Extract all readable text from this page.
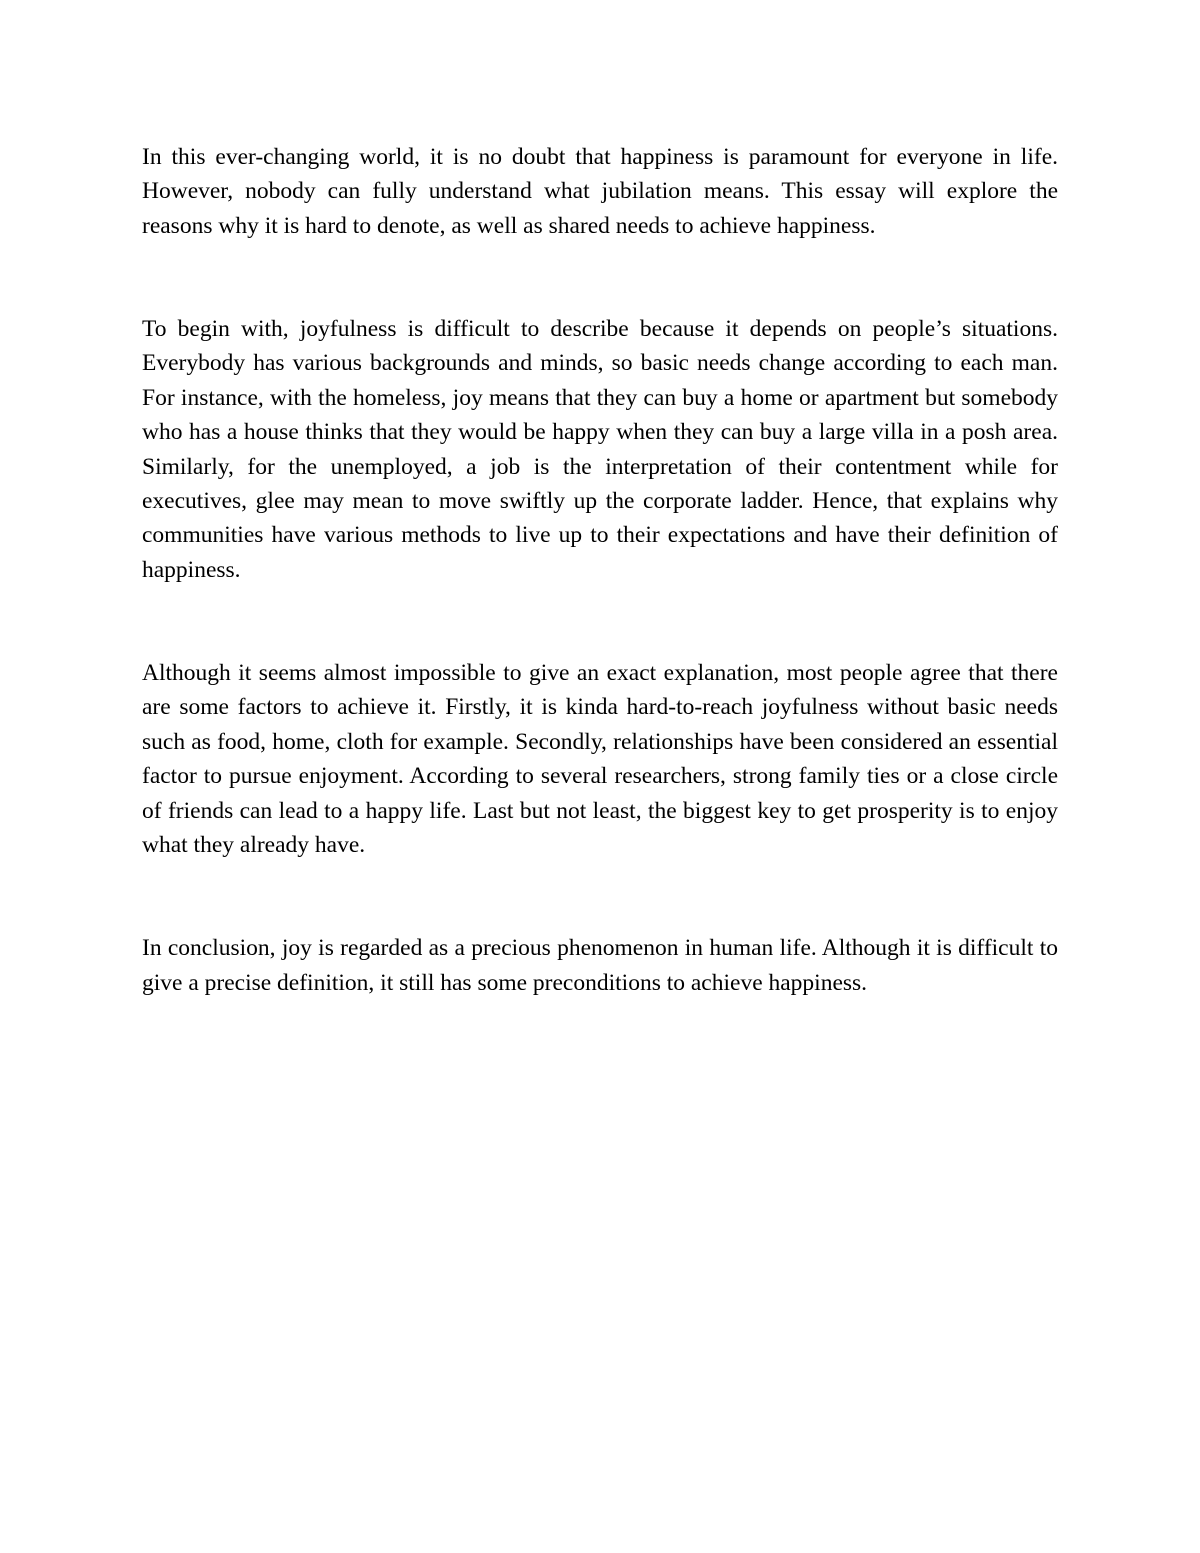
In this ever-changing world, it is no doubt that happiness is paramount for everyone in life. However, nobody can fully understand what jubilation means. This essay will explore the reasons why it is hard to denote, as well as shared needs to achieve happiness.

To begin with, joyfulness is difficult to describe because it depends on people’s situations. Everybody has various backgrounds and minds, so basic needs change according to each man. For instance, with the homeless, joy means that they can buy a home or apartment but somebody who has a house thinks that they would be happy when they can buy a large villa in a posh area. Similarly, for the unemployed, a job is the interpretation of their contentment while for executives, glee may mean to move swiftly up the corporate ladder. Hence, that explains why communities have various methods to live up to their expectations and have their definition of happiness.

Although it seems almost impossible to give an exact explanation, most people agree that there are some factors to achieve it. Firstly, it is kinda hard-to-reach joyfulness without basic needs such as food, home, cloth for example. Secondly, relationships have been considered an essential factor to pursue enjoyment. According to several researchers, strong family ties or a close circle of friends can lead to a happy life. Last but not least, the biggest key to get prosperity is to enjoy what they already have.

In conclusion, joy is regarded as a precious phenomenon in human life. Although it is difficult to give a precise definition, it still has some preconditions to achieve happiness.
